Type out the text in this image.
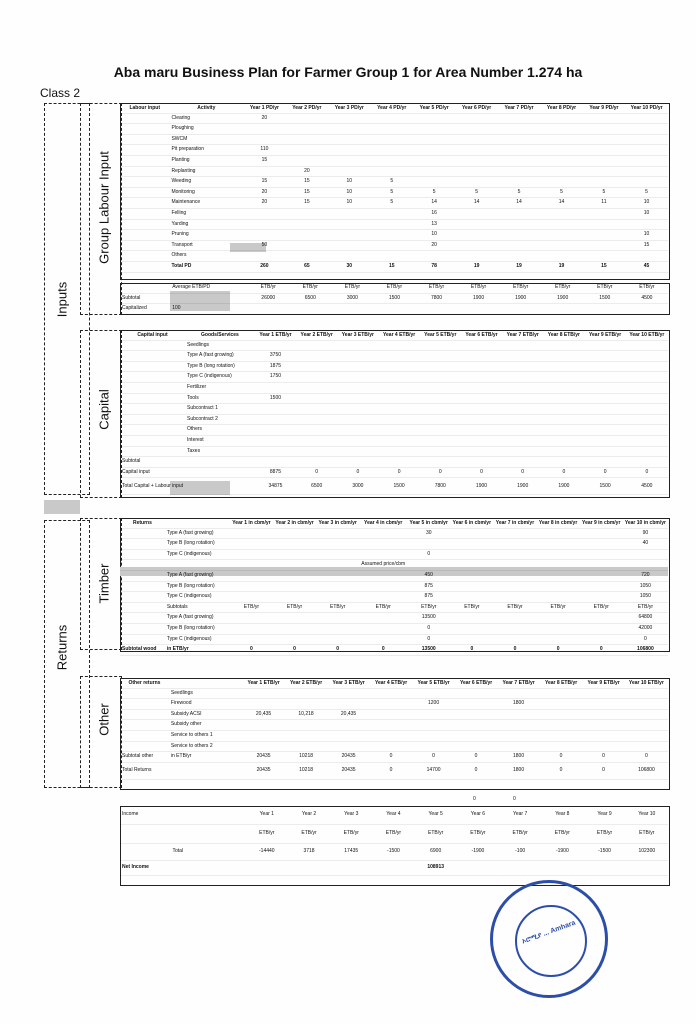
Aba maru Business Plan for Farmer Group 1 for Area Number 1.274 ha
Class 2
Inputs
Returns
Group Labour Input
Capital
Timber
Other
Labour input	Activity	Year 1 PD/yr	Year 2 PD/yr	Year 3 PD/yr	Year 4 PD/yr	Year 5 PD/yr	Year 6 PD/yr	Year 7 PD/yr	Year 8 PD/yr	Year 9 PD/yr	Year 10 PD/yr
	Clearing	20									
	Ploughing										
	SWCM										
	Pit preparation	110									
	Planting	15									
	Replanting		20								
	Weeding	15	15	10	5						
	Monitoring	20	15	10	5	5	5	5	5	5	5
	Maintenance	20	15	10	5	14	14	14	14	11	10
	Felling					16					10
	Yarding					13					
	Pruning					10					10
	Transport	50				20					15
	Others										
	Total PD	260	65	30	15	78	19	19	19	15	45
	Average ETB/PD	ETB/yr	ETB/yr	ETB/yr	ETB/yr	ETB/yr	ETB/yr	ETB/yr	ETB/yr	ETB/yr	ETB/yr
Subtotal		26000	6500	3000	1500	7800	1900	1900	1900	1500	4500
Capitalized	100										
Capital input	Goods/Services	Year 1 ETB/yr	Year 2 ETB/yr	Year 3 ETB/yr	Year 4 ETB/yr	Year 5 ETB/yr	Year 6 ETB/yr	Year 7 ETB/yr	Year 8 ETB/yr	Year 9 ETB/yr	Year 10 ETB/yr
	Seedlings										
	Type A (fast growing)	3750									
	Type B (long rotation)	1875									
	Type C (indigenous)	1750									
	Fertilizer										
	Tools	1500									
	Subcontract 1										
	Subcontract 2										
	Others										
	Interest										
	Taxes										
Subtotal											
Capital input		8875	0	0	0	0	0	0	0	0	0
Total Capital + Labour input		34875	6500	3000	1500	7800	1900	1900	1900	1500	4500
Returns		Year 1 in cbm/yr	Year 2 in cbm/yr	Year 3 in cbm/yr	Year 4 in cbm/yr	Year 5 in cbm/yr	Year 6 in cbm/yr	Year 7 in cbm/yr	Year 8 in cbm/yr	Year 9 in cbm/yr	Year 10 in cbm/yr
	Type A (fast growing)					30					90
	Type B (long rotation)										40
	Type C (indigenous)					0					
					Assumed price/cbm						
	Type A (fast growing)					450					720
	Type B (long rotation)					875					1050
	Type C (indigenous)					875					1050
	Subtotals	ETB/yr	ETB/yr	ETB/yr	ETB/yr	ETB/yr	ETB/yr	ETB/yr	ETB/yr	ETB/yr	ETB/yr
	Type A (fast growing)					13500					64800
	Type B (long rotation)					0					42000
	Type C (indigenous)					0					0
Subtotal wood	in ETB/yr	0	0	0	0	13500	0	0	0	0	106800
Other returns		Year 1 ETB/yr	Year 2 ETB/yr	Year 3 ETB/yr	Year 4 ETB/yr	Year 5 ETB/yr	Year 6 ETB/yr	Year 7 ETB/yr	Year 8 ETB/yr	Year 9 ETB/yr	Year 10 ETB/yr
	Seedlings										
	Firewood					1200		1800			
	Subsidy ACSI	20,435	10,218	20,435							
	Subsidy other										
	Service to others 1										
	Service to others 2										
Subtotal other	in ETB/yr	20435	10218	20435	0	0	0	1800	0	0	0
Total Returns		20435	10218	20435	0	14700	0	1800	0	0	106800
0	0
Income		Year 1	Year 2	Year 3	Year 4	Year 5	Year 6	Year 7	Year 8	Year 9	Year 10
		ETB/yr	ETB/yr	ETB/yr	ETB/yr	ETB/yr	ETB/yr	ETB/yr	ETB/yr	ETB/yr	ETB/yr
	Total	-14440	3718	17435	-1500	6900	-1900	-100	-1900	-1500	102300
Net Income						108913					
ኦሮሚያ ... Amhara
